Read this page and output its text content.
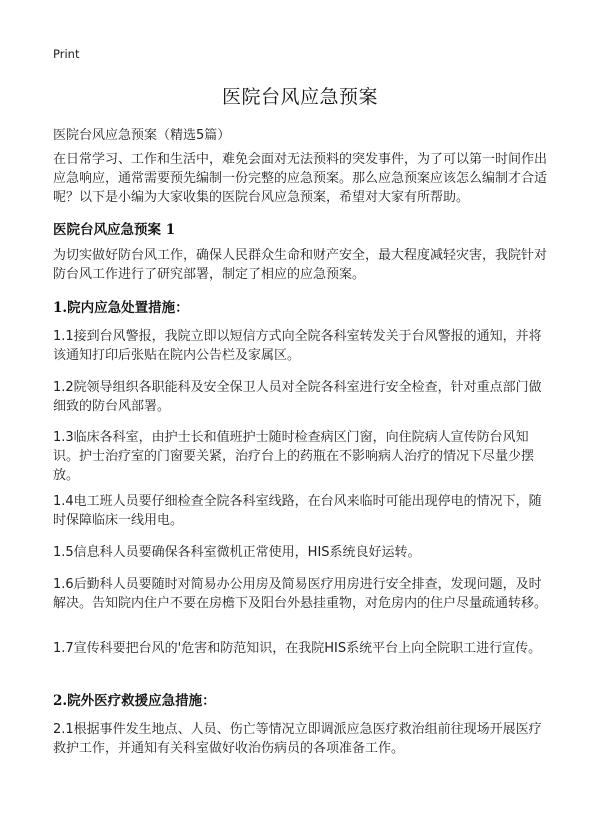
Print
医院台风应急预案
医院台风应急预案（精选5篇）
在日常学习、工作和生活中，难免会面对无法预料的突发事件，为了可以第一时间作出应急响应，通常需要预先编制一份完整的应急预案。那么应急预案应该怎么编制才合适呢？以下是小编为大家收集的医院台风应急预案，希望对大家有所帮助。
医院台风应急预案 1
为切实做好防台风工作，确保人民群众生命和财产安全，最大程度减轻灾害，我院针对防台风工作进行了研究部署，制定了相应的应急预案。
1.院内应急处置措施：
1.1接到台风警报，我院立即以短信方式向全院各科室转发关于台风警报的通知，并将该通知打印后张贴在院内公告栏及家属区。
1.2院领导组织各职能科及安全保卫人员对全院各科室进行安全检查，针对重点部门做细致的防台风部署。
1.3临床各科室，由护士长和值班护士随时检查病区门窗，向住院病人宣传防台风知识。护士治疗室的门窗要关紧，治疗台上的药瓶在不影响病人治疗的情况下尽量少摆放。
1.4电工班人员要仔细检查全院各科室线路，在台风来临时可能出现停电的情况下，随时保障临床一线用电。
1.5信息科人员要确保各科室微机正常使用，HIS系统良好运转。
1.6后勤科人员要随时对简易办公用房及简易医疗用房进行安全排查，发现问题，及时解决。告知院内住户不要在房檐下及阳台外悬挂重物，对危房内的住户尽量疏通转移。
1.7宣传科要把台风的'危害和防范知识，在我院HIS系统平台上向全院职工进行宣传。
2.院外医疗救援应急措施：
2.1根据事件发生地点、人员、伤亡等情况立即调派应急医疗救治组前往现场开展医疗救护工作，并通知有关科室做好收治伤病员的各项准备工作。
